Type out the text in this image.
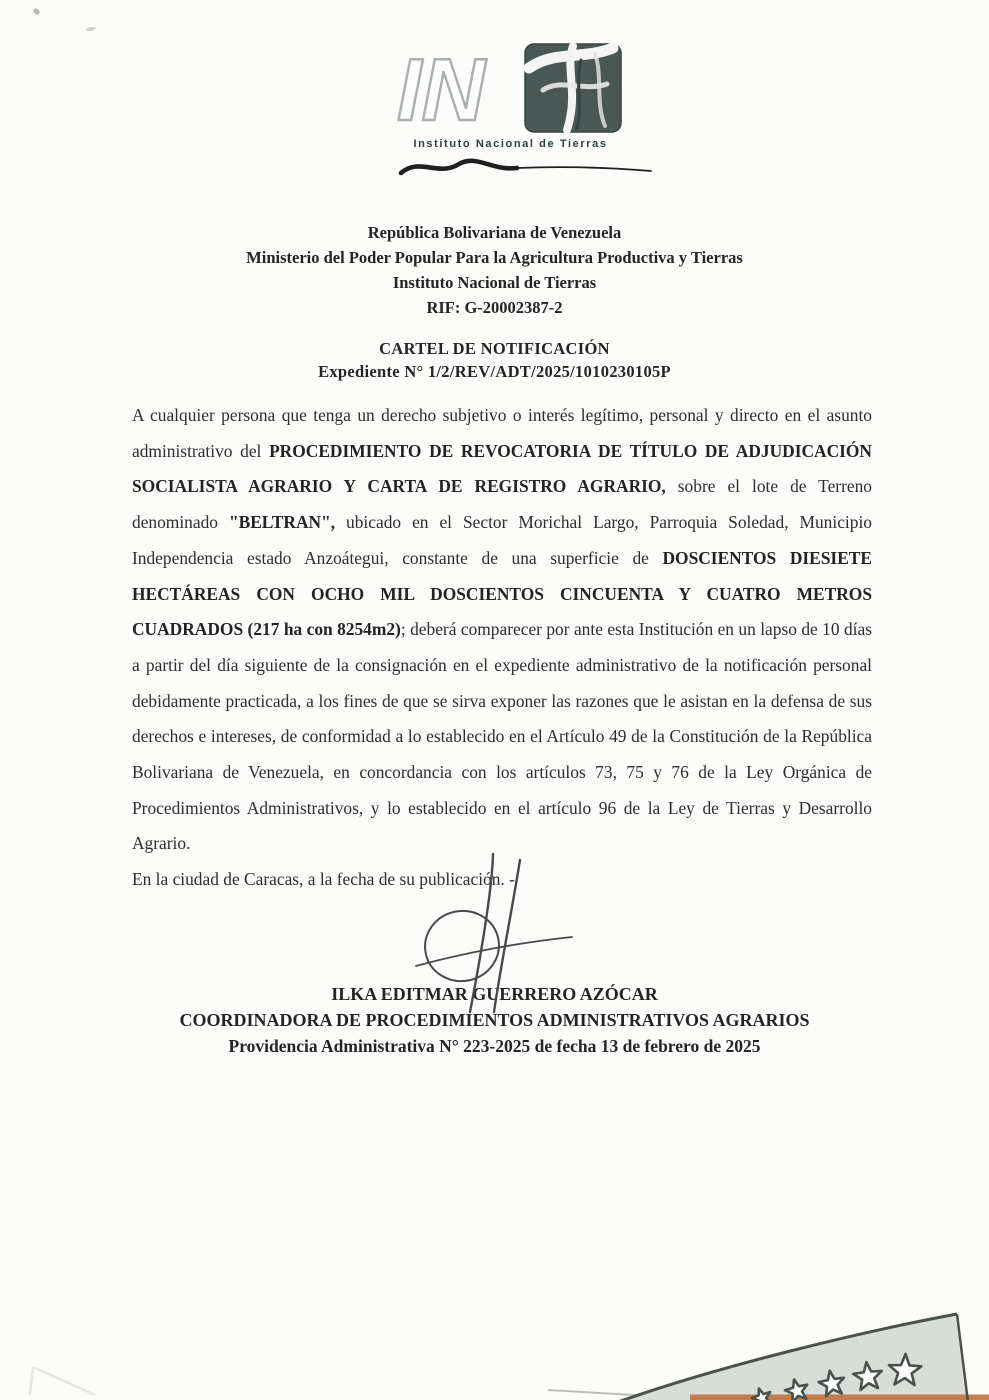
IN
Instituto Nacional de Tierras
República Bolivariana de Venezuela
Ministerio del Poder Popular Para la Agricultura Productiva y Tierras
Instituto Nacional de Tierras
RIF: G-20002387-2
CARTEL DE NOTIFICACIÓN
Expediente N° 1/2/REV/ADT/2025/1010230105P

A cualquier persona que tenga un derecho subjetivo o interés legítimo, personal y directo en el asunto administrativo del PROCEDIMIENTO DE REVOCATORIA DE TÍTULO DE ADJUDICACIÓN SOCIALISTA AGRARIO Y CARTA DE REGISTRO AGRARIO, sobre el lote de Terreno denominado "BELTRAN", ubicado en el Sector Morichal Largo, Parroquia Soledad, Municipio Independencia estado Anzoátegui, constante de una superficie de DOSCIENTOS DIESIETE HECTÁREAS CON OCHO MIL DOSCIENTOS CINCUENTA Y CUATRO METROS CUADRADOS (217 ha con 8254m2); deberá comparecer por ante esta Institución en un lapso de 10 días a partir del día siguiente de la consignación en el expediente administrativo de la notificación personal debidamente practicada, a los fines de que se sirva exponer las razones que le asistan en la defensa de sus derechos e intereses, de conformidad a lo establecido en el Artículo 49 de la Constitución de la República Bolivariana de Venezuela, en concordancia con los artículos 73, 75 y 76 de la Ley Orgánica de Procedimientos Administrativos, y lo establecido en el artículo 96 de la Ley de Tierras y Desarrollo Agrario.

En la ciudad de Caracas, a la fecha de su publicación. -

ILKA EDITMAR GUERRERO AZÓCAR
COORDINADORA DE PROCEDIMIENTOS ADMINISTRATIVOS AGRARIOS
Providencia Administrativa N° 223-2025 de fecha 13 de febrero de 2025
